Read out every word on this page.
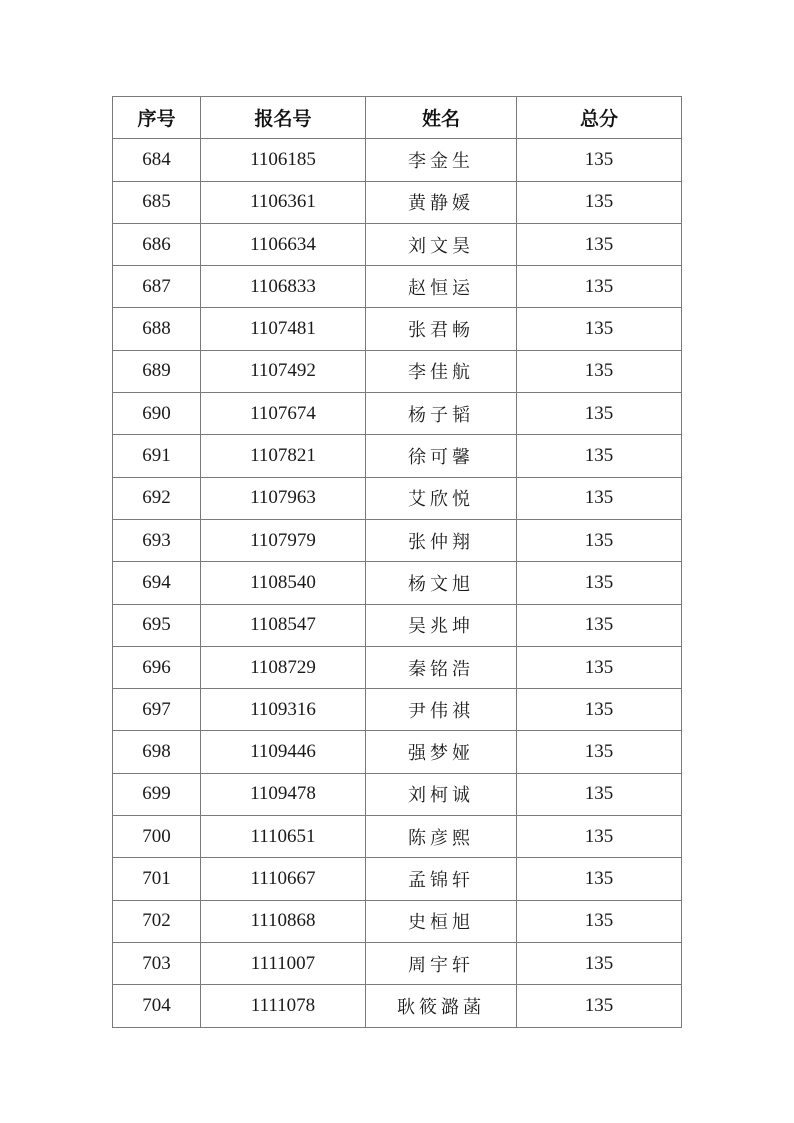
序号	报名号	姓名	总分
684	1106185	李金生	135
685	1106361	黄静媛	135
686	1106634	刘文昊	135
687	1106833	赵恒运	135
688	1107481	张君畅	135
689	1107492	李佳航	135
690	1107674	杨子韬	135
691	1107821	徐可馨	135
692	1107963	艾欣悦	135
693	1107979	张仲翔	135
694	1108540	杨文旭	135
695	1108547	吴兆坤	135
696	1108729	秦铭浩	135
697	1109316	尹伟祺	135
698	1109446	强梦娅	135
699	1109478	刘柯诚	135
700	1110651	陈彦熙	135
701	1110667	孟锦轩	135
702	1110868	史桓旭	135
703	1111007	周宇轩	135
704	1111078	耿筱潞菡	135
